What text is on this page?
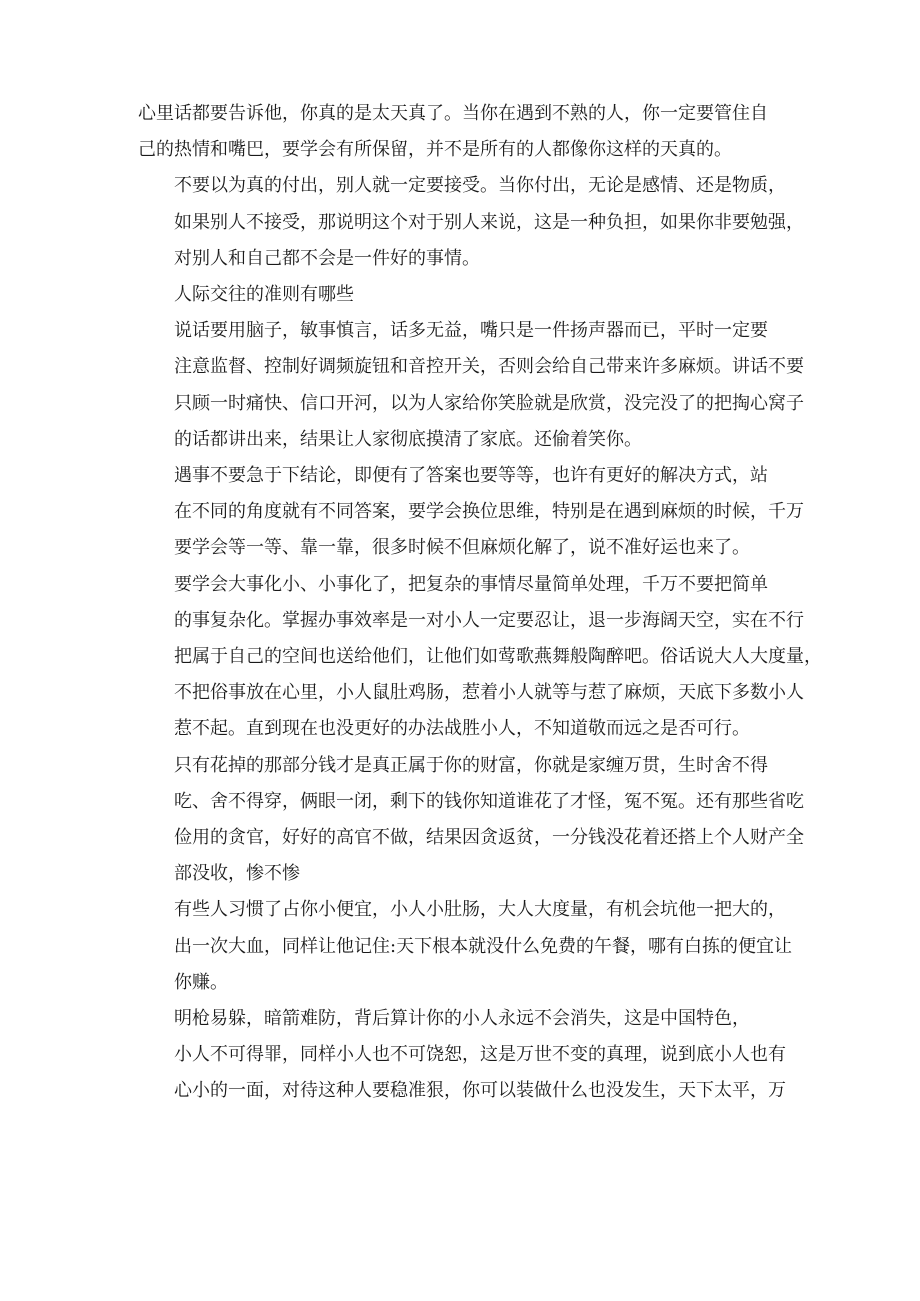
心里话都要告诉他，你真的是太天真了。当你在遇到不熟的人，你一定要管住自
己的热情和嘴巴，要学会有所保留，并不是所有的人都像你这样的天真的。

不要以为真的付出，别人就一定要接受。当你付出，无论是感情、还是物质，
如果别人不接受，那说明这个对于别人来说，这是一种负担，如果你非要勉强，
对别人和自己都不会是一件好的事情。

人际交往的准则有哪些

说话要用脑子，敏事慎言，话多无益，嘴只是一件扬声器而已，平时一定要
注意监督、控制好调频旋钮和音控开关，否则会给自己带来许多麻烦。讲话不要
只顾一时痛快、信口开河，以为人家给你笑脸就是欣赏，没完没了的把掏心窝子
的话都讲出来，结果让人家彻底摸清了家底。还偷着笑你。

遇事不要急于下结论，即便有了答案也要等等，也许有更好的解决方式，站
在不同的角度就有不同答案，要学会换位思维，特别是在遇到麻烦的时候，千万
要学会等一等、靠一靠，很多时候不但麻烦化解了，说不准好运也来了。

要学会大事化小、小事化了，把复杂的事情尽量简单处理，千万不要把简单
的事复杂化。掌握办事效率是一对小人一定要忍让，退一步海阔天空，实在不行
把属于自己的空间也送给他们，让他们如莺歌燕舞般陶醉吧。俗话说大人大度量，
不把俗事放在心里，小人鼠肚鸡肠，惹着小人就等与惹了麻烦，天底下多数小人
惹不起。直到现在也没更好的办法战胜小人，不知道敬而远之是否可行。

只有花掉的那部分钱才是真正属于你的财富，你就是家缠万贯，生时舍不得
吃、舍不得穿，俩眼一闭，剩下的钱你知道谁花了才怪，冤不冤。还有那些省吃
俭用的贪官，好好的高官不做，结果因贪返贫，一分钱没花着还搭上个人财产全
部没收，惨不惨

有些人习惯了占你小便宜，小人小肚肠，大人大度量，有机会坑他一把大的，
出一次大血，同样让他记住:天下根本就没什么免费的午餐，哪有白拣的便宜让
你赚。

明枪易躲，暗箭难防，背后算计你的小人永远不会消失，这是中国特色，
小人不可得罪，同样小人也不可饶恕，这是万世不变的真理，说到底小人也有
心小的一面，对待这种人要稳准狠，你可以装做什么也没发生，天下太平，万
